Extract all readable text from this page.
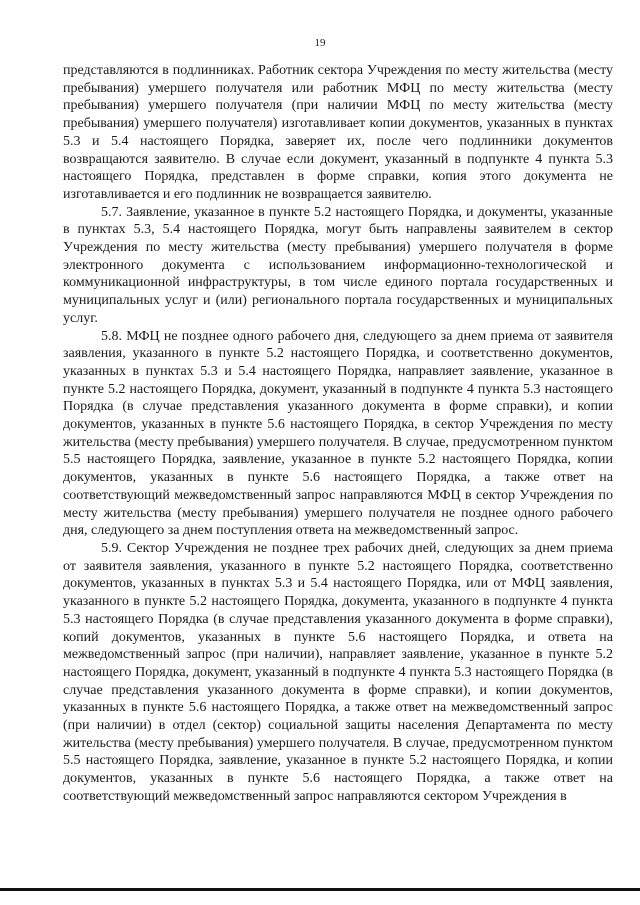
19

представляются в подлинниках. Работник сектора Учреждения по месту жительства (месту пребывания) умершего получателя или работник МФЦ по месту жительства (месту пребывания) умершего получателя (при наличии МФЦ по месту жительства (месту пребывания) умершего получателя) изготавливает копии документов, указанных в пунктах 5.3 и 5.4 настоящего Порядка, заверяет их, после чего подлинники документов возвращаются заявителю. В случае если документ, указанный в подпункте 4 пункта 5.3 настоящего Порядка, представлен в форме справки, копия этого документа не изготавливается и его подлинник не возвращается заявителю.

5.7. Заявление, указанное в пункте 5.2 настоящего Порядка, и документы, указанные в пунктах 5.3, 5.4 настоящего Порядка, могут быть направлены заявителем в сектор Учреждения по месту жительства (месту пребывания) умершего получателя в форме электронного документа с использованием информационно-технологической и коммуникационной инфраструктуры, в том числе единого портала государственных и муниципальных услуг и (или) регионального портала государственных и муниципальных услуг.

5.8. МФЦ не позднее одного рабочего дня, следующего за днем приема от заявителя заявления, указанного в пункте 5.2 настоящего Порядка, и соответственно документов, указанных в пунктах 5.3 и 5.4 настоящего Порядка, направляет заявление, указанное в пункте 5.2 настоящего Порядка, документ, указанный в подпункте 4 пункта 5.3 настоящего Порядка (в случае представления указанного документа в форме справки), и копии документов, указанных в пункте 5.6 настоящего Порядка, в сектор Учреждения по месту жительства (месту пребывания) умершего получателя. В случае, предусмотренном пунктом 5.5 настоящего Порядка, заявление, указанное в пункте 5.2 настоящего Порядка, копии документов, указанных в пункте 5.6 настоящего Порядка, а также ответ на соответствующий межведомственный запрос направляются МФЦ в сектор Учреждения по месту жительства (месту пребывания) умершего получателя не позднее одного рабочего дня, следующего за днем поступления ответа на межведомственный запрос.

5.9. Сектор Учреждения не позднее трех рабочих дней, следующих за днем приема от заявителя заявления, указанного в пункте 5.2 настоящего Порядка, соответственно документов, указанных в пунктах 5.3 и 5.4 настоящего Порядка, или от МФЦ заявления, указанного в пункте 5.2 настоящего Порядка, документа, указанного в подпункте 4 пункта 5.3 настоящего Порядка (в случае представления указанного документа в форме справки), копий документов, указанных в пункте 5.6 настоящего Порядка, и ответа на межведомственный запрос (при наличии), направляет заявление, указанное в пункте 5.2 настоящего Порядка, документ, указанный в подпункте 4 пункта 5.3 настоящего Порядка (в случае представления указанного документа в форме справки), и копии документов, указанных в пункте 5.6 настоящего Порядка, а также ответ на межведомственный запрос (при наличии) в отдел (сектор) социальной защиты населения Департамента по месту жительства (месту пребывания) умершего получателя. В случае, предусмотренном пунктом 5.5 настоящего Порядка, заявление, указанное в пункте 5.2 настоящего Порядка, и копии документов, указанных в пункте 5.6 настоящего Порядка, а также ответ на соответствующий межведомственный запрос направляются сектором Учреждения в
